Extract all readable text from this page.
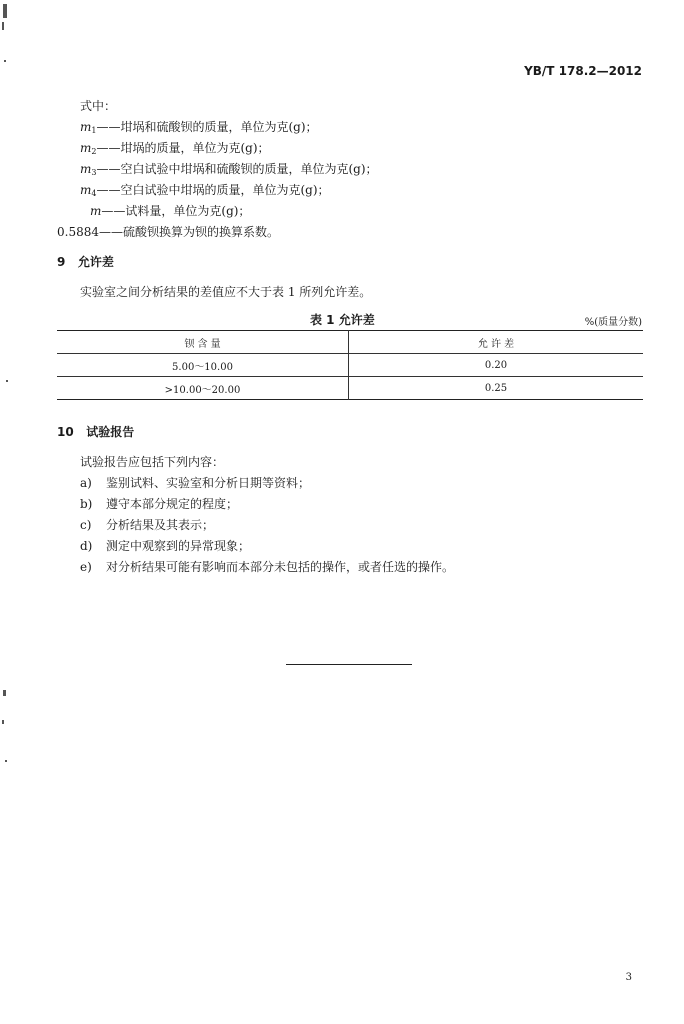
YB/T 178.2—2012
式中：
$m_1——$坩埚和硫酸钡的质量，单位为克(g)；
$m_2——$坩埚的质量，单位为克(g)；
$m_3——$空白试验中坩埚和硫酸钡的质量，单位为克(g)；
$m_4——$空白试验中坩埚的质量，单位为克(g)；
m——试料量，单位为克(g)；
0.5884——硫酸钡换算为钡的换算系数。
9 允许差
实验室之间分析结果的差值应不大于表 1 所列允许差。
表 1 允许差	%(质量分数)
钡 含 量	允 许 差
5.00～10.00	0.20
>10.00～20.00	0.25
10 试验报告
试验报告应包括下列内容：
a) 鉴别试料、实验室和分析日期等资料；
b) 遵守本部分规定的程度；
c) 分析结果及其表示；
d) 测定中观察到的异常现象；
e) 对分析结果可能有影响而本部分未包括的操作，或者任选的操作。
3
